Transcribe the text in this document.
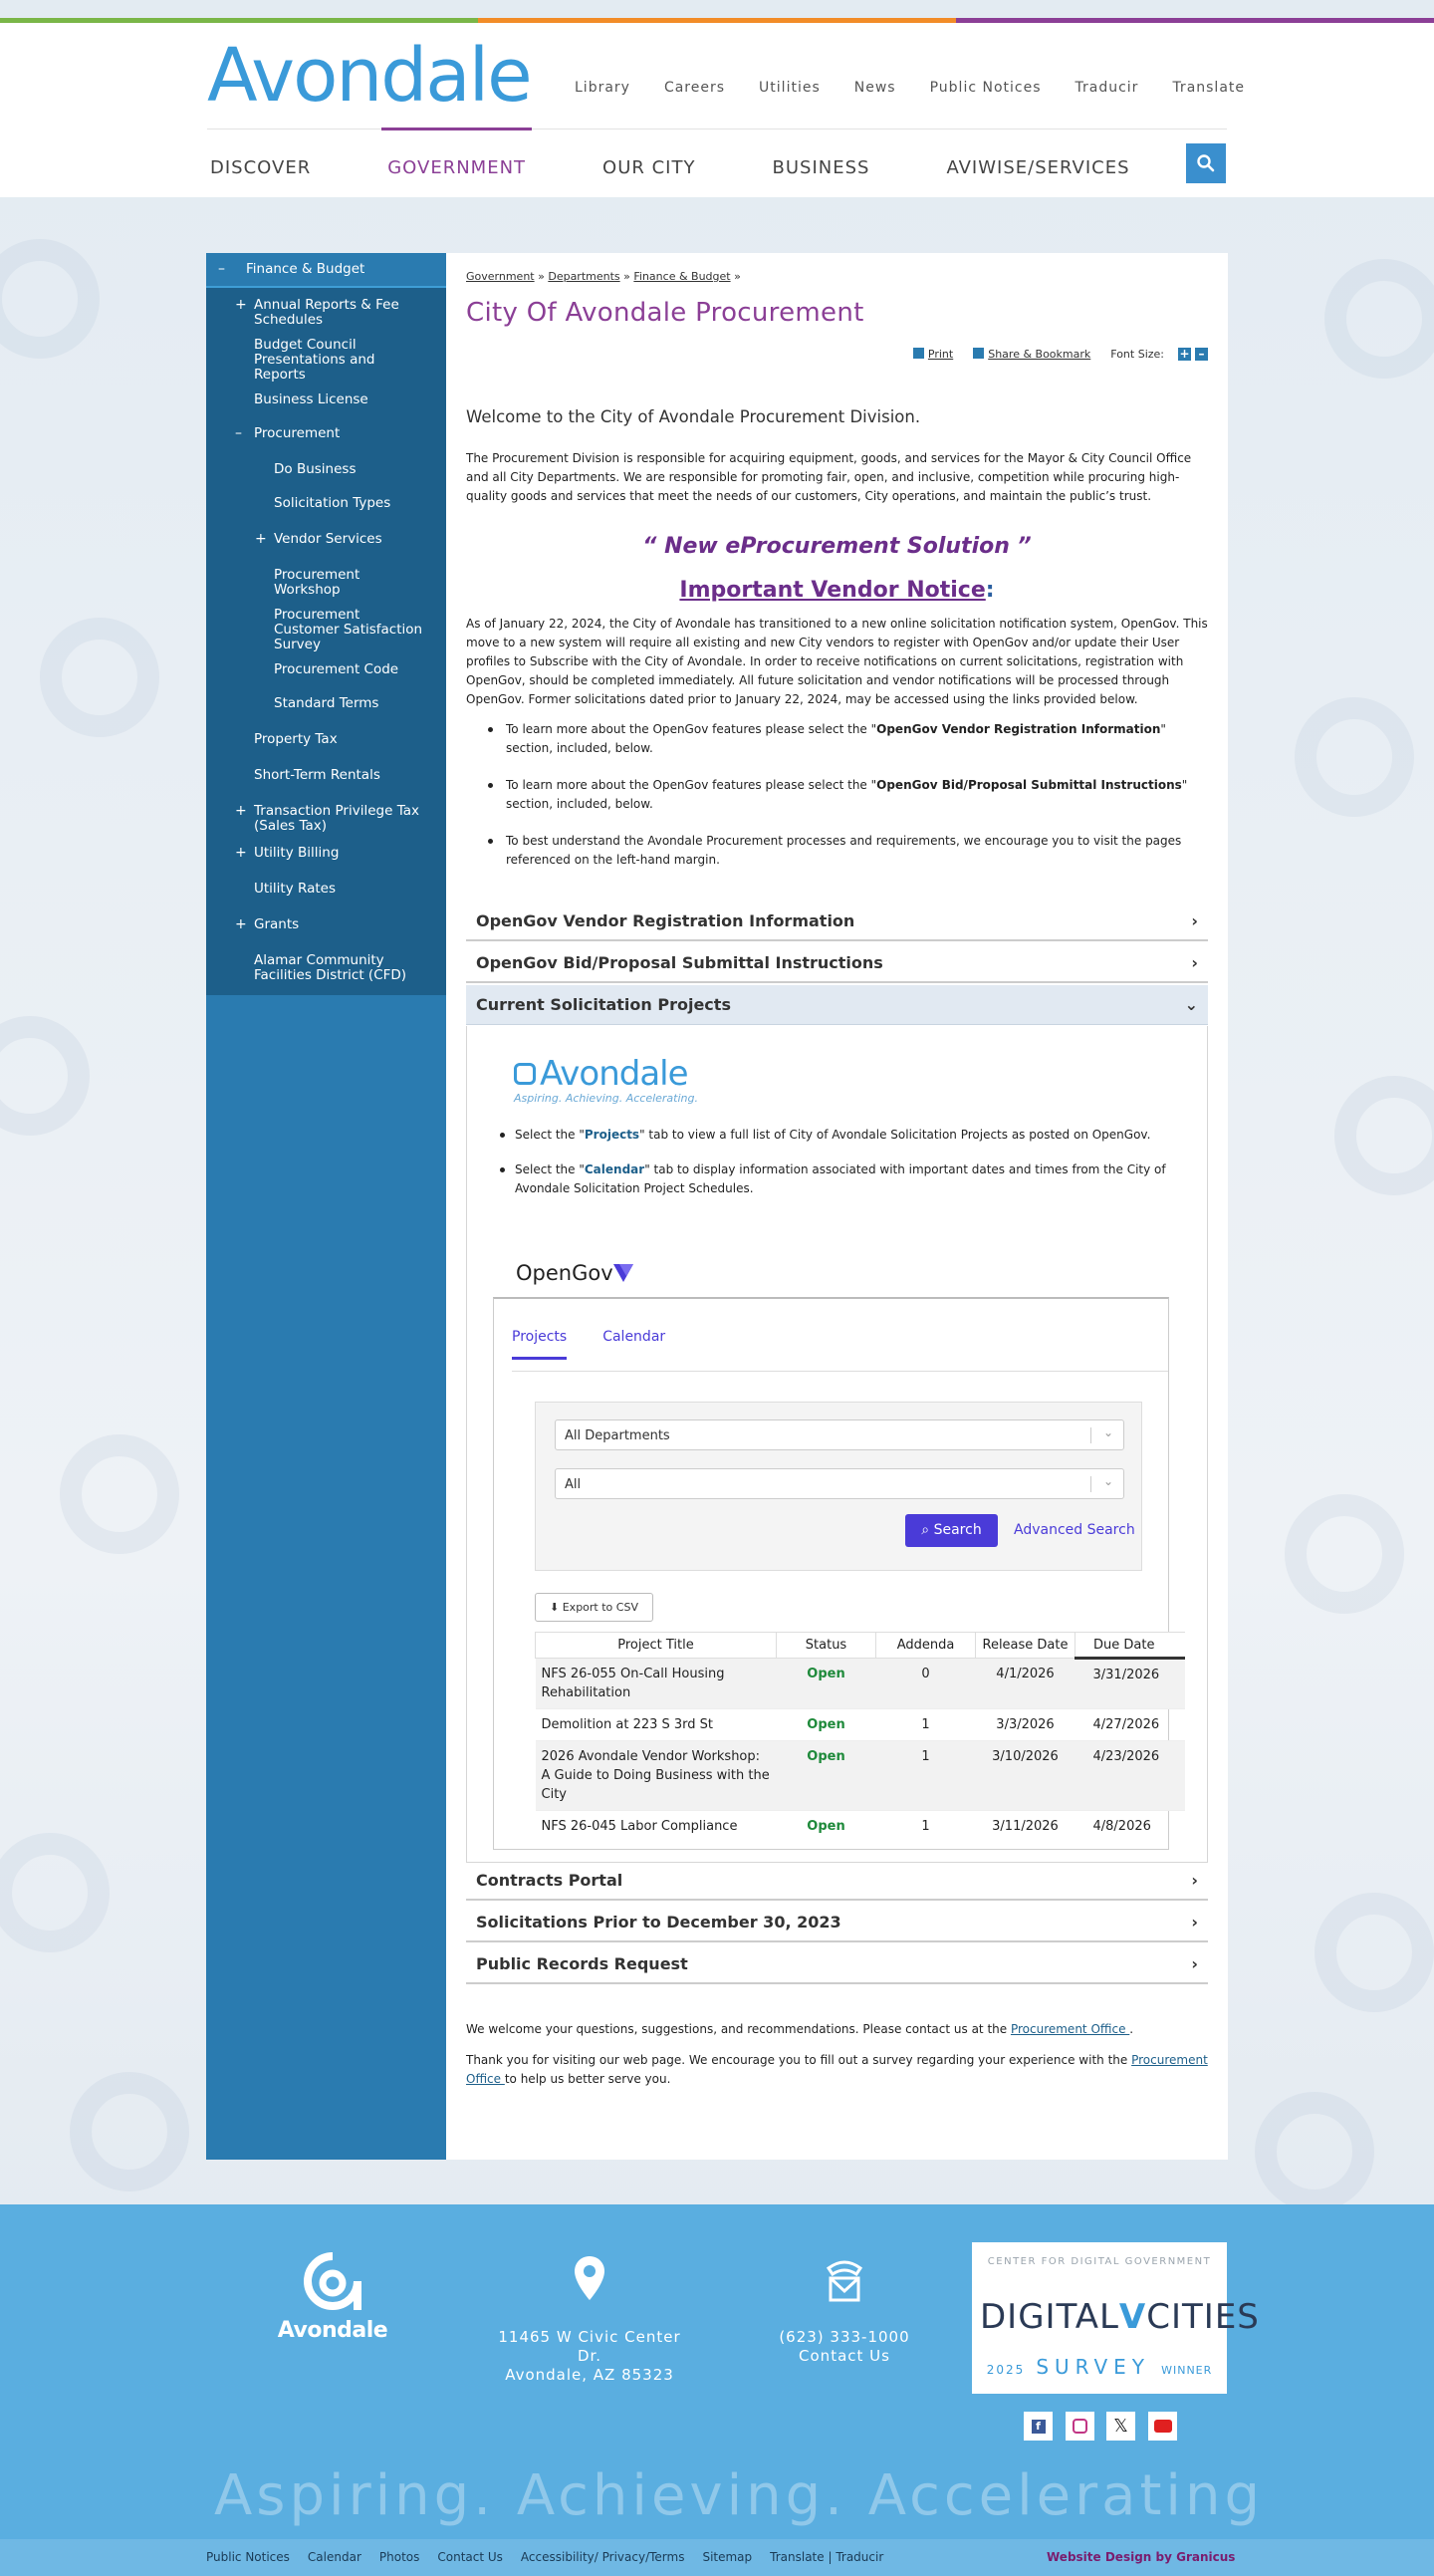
Avondale	Library Careers Utilities News Public Notices Traducir Translate
DISCOVER	GOVERNMENT	OUR CITY	BUSINESS	AVIWISE/SERVICES
–	Finance & Budget
+ Annual Reports & Fee Schedules
Budget Council Presentations and Reports
Business License
– Procurement
Do Business
Solicitation Types
+ Vendor Services
Procurement Workshop
Procurement Customer Satisfaction Survey
Procurement Code
Standard Terms
Property Tax
Short-Term Rentals
+ Transaction Privilege Tax (Sales Tax)
+ Utility Billing
Utility Rates
+ Grants
Alamar Community Facilities District (CFD)
Government » Departments » Finance & Budget »
City Of Avondale Procurement
Print	Share & Bookmark Font Size:	+ –
Welcome to the City of Avondale Procurement Division.
The Procurement Division is responsible for acquiring equipment, goods, and services for the Mayor & City Council Office and all City Departments. We are responsible for promoting fair, open, and inclusive, competition while procuring high-quality goods and services that meet the needs of our customers, City operations, and maintain the public’s trust.
“ New eProcurement Solution ”
Important Vendor Notice:
As of January 22, 2024, the City of Avondale has transitioned to a new online solicitation notification system, OpenGov. This move to a new system will require all existing and new City vendors to register with OpenGov and/or update their User profiles to Subscribe with the City of Avondale. In order to receive notifications on current solicitations, registration with OpenGov, should be completed immediately. All future solicitation and vendor notifications will be processed through OpenGov. Former solicitations dated prior to January 22, 2024, may be accessed using the links provided below.
To learn more about the OpenGov features please select the "OpenGov Vendor Registration Information" section, included, below.
To learn more about the OpenGov features please select the "OpenGov Bid/Proposal Submittal Instructions" section, included, below.
To best understand the Avondale Procurement processes and requirements, we encourage you to visit the pages referenced on the left-hand margin.
OpenGov Vendor Registration Information	›
OpenGov Bid/Proposal Submittal Instructions	›
Current Solicitation Projects	⌄
Avondale
Aspiring. Achieving. Accelerating.
Select the "Projects" tab to view a full list of City of Avondale Solicitation Projects as posted on OpenGov.
Select the "Calendar" tab to display information associated with important dates and times from the City of Avondale Solicitation Project Schedules.
OpenGov
Projects	Calendar
All Departments	⌄
All	⌄
⌕ Search	Advanced Search
⬇ Export to CSV
Project Title	Status	Addenda	Release Date	Due Date
NFS 26-055 On-Call Housing Rehabilitation	Open	0	4/1/2026	3/31/2026
Demolition at 223 S 3rd St	Open	1	3/3/2026	4/27/2026
2026 Avondale Vendor Workshop: A Guide to Doing Business with the City	Open	1	3/10/2026	4/23/2026
NFS 26-045 Labor Compliance	Open	1	3/11/2026	4/8/2026
Contracts Portal	›
Solicitations Prior to December 30, 2023	›
Public Records Request	›
We welcome your questions, suggestions, and recommendations. Please contact us at the Procurement Office .
Thank you for visiting our web page. We encourage you to fill out a survey regarding your experience with the Procurement Office to help us better serve you.
Avondale	11465 W Civic Center Dr.
Avondale, AZ 85323
(623) 333-1000
Contact Us
CENTER FOR DIGITAL GOVERNMENT
DIGITALVCITIES
2025 SURVEY WINNER
f	𝕏
Aspiring. Achieving. Accelerating
Public Notices Calendar Photos Contact Us Accessibility/ Privacy/Terms Sitemap Translate | Traducir	Website Design by Granicus
